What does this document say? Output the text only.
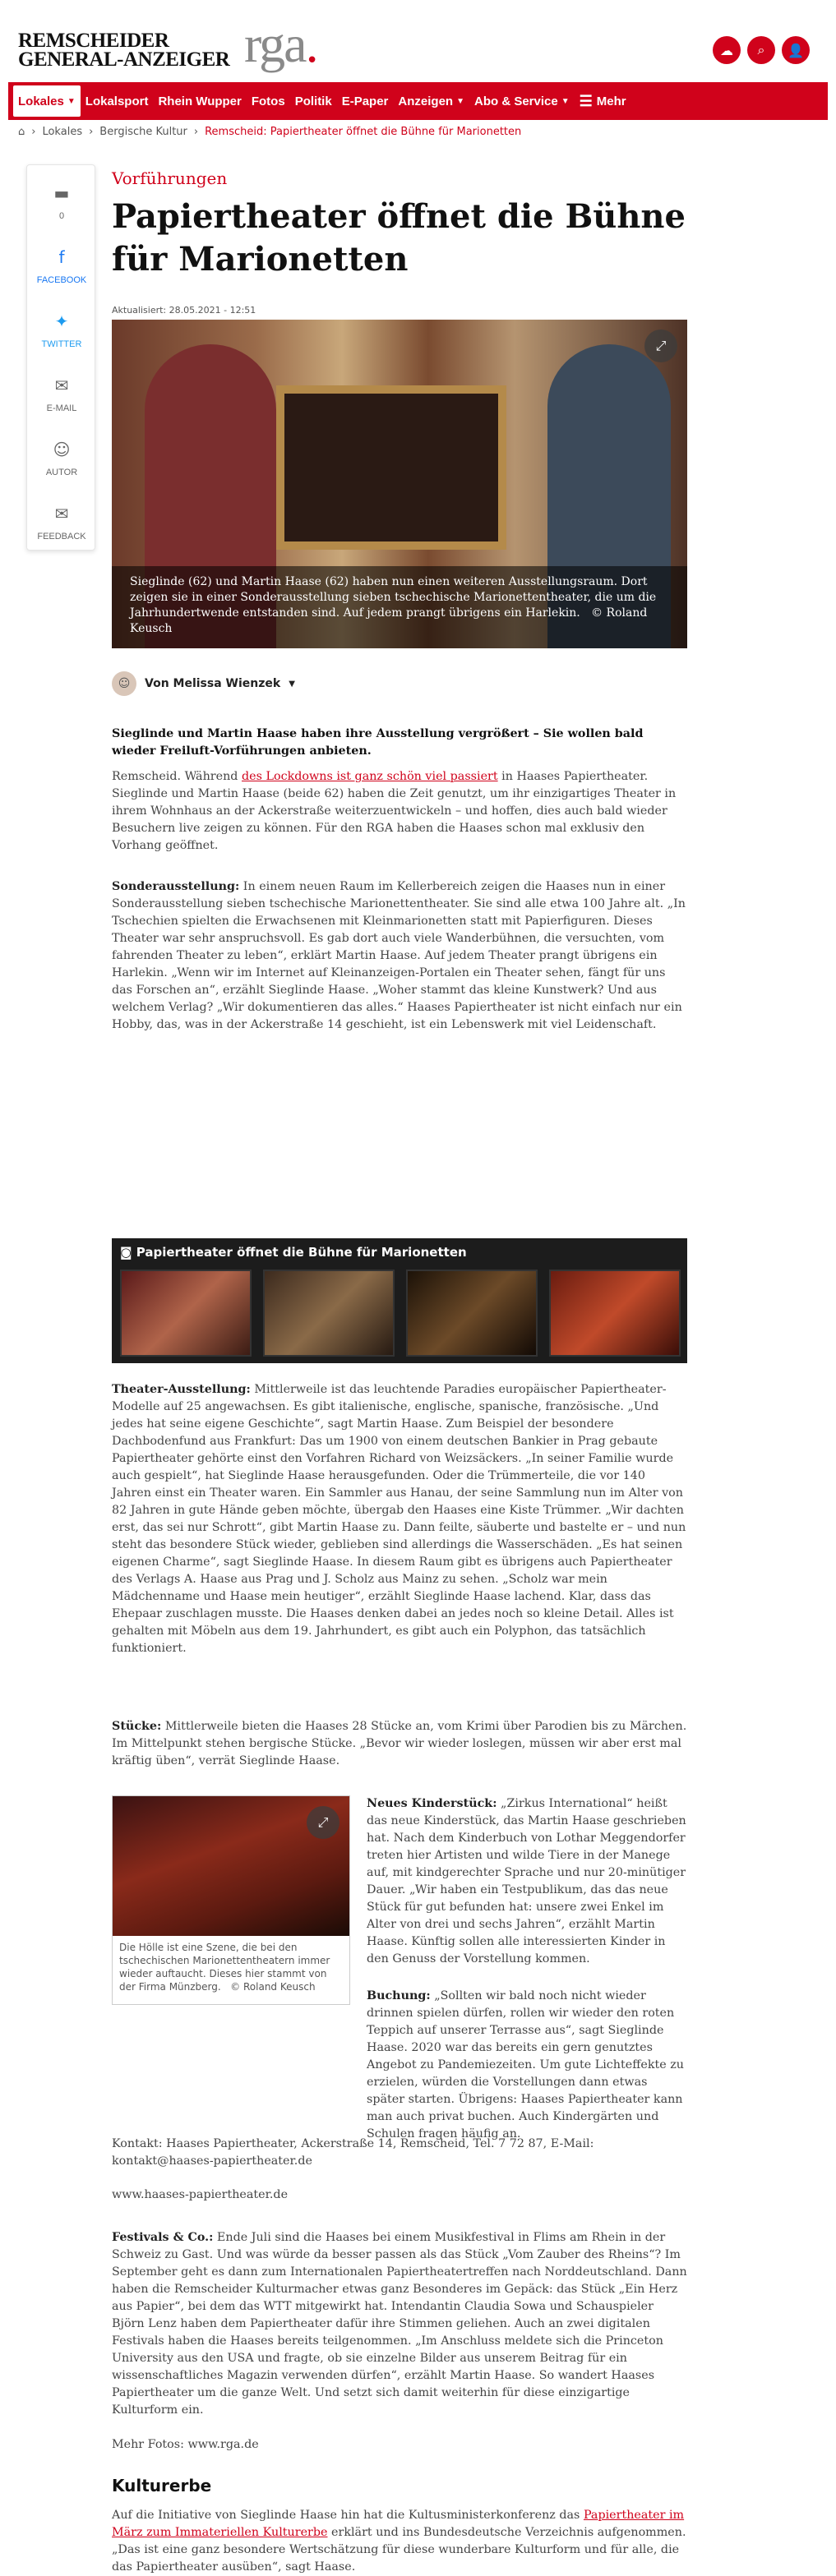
REMSCHEIDER
GENERAL-ANZEIGER rga.	☁	⌕	👤
Lokales ▼ Lokalsport Rhein Wupper Fotos Politik E-Paper Anzeigen ▼ Abo & Service ▼ ☰ Mehr
⌂ › Lokales › Bergische Kultur › Remscheid: Papiertheater öffnet die Bühne für Marionetten
▬
0
f
FACEBOOK
✦
TWITTER
✉
E-MAIL
☺
AUTOR
✉
FEEDBACK
Vorführungen
Papiertheater öffnet die Bühne für Marionetten
Aktualisiert: 28.05.2021 - 12:51
⤢
Sieglinde (62) und Martin Haase (62) haben nun einen weiteren Ausstellungsraum. Dort zeigen sie in einer Sonderausstellung sieben tschechische Marionettentheater, die um die Jahrhundertwende entstanden sind. Auf jedem prangt übrigens ein Harlekin. © Roland Keusch
☺	Von Melissa Wienzek ▼

Sieglinde und Martin Haase haben ihre Ausstellung vergrößert – Sie wollen bald wieder Freiluft-Vorführungen anbieten.

Remscheid. Während des Lockdowns ist ganz schön viel passiert in Haases Papiertheater. Sieglinde und Martin Haase (beide 62) haben die Zeit genutzt, um ihr einzigartiges Theater in ihrem Wohnhaus an der Ackerstraße weiterzuentwickeln – und hoffen, dies auch bald wieder Besuchern live zeigen zu können. Für den RGA haben die Haases schon mal exklusiv den Vorhang geöffnet.

Sonderausstellung: In einem neuen Raum im Kellerbereich zeigen die Haases nun in einer Sonderausstellung sieben tschechische Marionettentheater. Sie sind alle etwa 100 Jahre alt. „In Tschechien spielten die Erwachsenen mit Kleinmarionetten statt mit Papierfiguren. Dieses Theater war sehr anspruchsvoll. Es gab dort auch viele Wanderbühnen, die versuchten, vom fahrenden Theater zu leben“, erklärt Martin Haase. Auf jedem Theater prangt übrigens ein Harlekin. „Wenn wir im Internet auf Kleinanzeigen-Portalen ein Theater sehen, fängt für uns das Forschen an“, erzählt Sieglinde Haase. „Woher stammt das kleine Kunstwerk? Und aus welchem Verlag? „Wir dokumentieren das alles.“ Haases Papiertheater ist nicht einfach nur ein Hobby, das, was in der Ackerstraße 14 geschieht, ist ein Lebenswerk mit viel Leidenschaft.

◙ Papiertheater öffnet die Bühne für Marionetten

Theater-Ausstellung: Mittlerweile ist das leuchtende Paradies europäischer Papiertheater-Modelle auf 25 angewachsen. Es gibt italienische, englische, spanische, französische. „Und jedes hat seine eigene Geschichte“, sagt Martin Haase. Zum Beispiel der besondere Dachbodenfund aus Frankfurt: Das um 1900 von einem deutschen Bankier in Prag gebaute Papiertheater gehörte einst den Vorfahren Richard von Weizsäckers. „In seiner Familie wurde auch gespielt“, hat Sieglinde Haase herausgefunden. Oder die Trümmerteile, die vor 140 Jahren einst ein Theater waren. Ein Sammler aus Hanau, der seine Sammlung nun im Alter von 82 Jahren in gute Hände geben möchte, übergab den Haases eine Kiste Trümmer. „Wir dachten erst, das sei nur Schrott“, gibt Martin Haase zu. Dann feilte, säuberte und bastelte er – und nun steht das besondere Stück wieder, geblieben sind allerdings die Wasserschäden. „Es hat seinen eigenen Charme“, sagt Sieglinde Haase. In diesem Raum gibt es übrigens auch Papiertheater des Verlags A. Haase aus Prag und J. Scholz aus Mainz zu sehen. „Scholz war mein Mädchenname und Haase mein heutiger“, erzählt Sieglinde Haase lachend. Klar, dass das Ehepaar zuschlagen musste. Die Haases denken dabei an jedes noch so kleine Detail. Alles ist gehalten mit Möbeln aus dem 19. Jahrhundert, es gibt auch ein Polyphon, das tatsächlich funktioniert.

Stücke: Mittlerweile bieten die Haases 28 Stücke an, vom Krimi über Parodien bis zu Märchen. Im Mittelpunkt stehen bergische Stücke. „Bevor wir wieder loslegen, müssen wir aber erst mal kräftig üben“, verrät Sieglinde Haase.

⤢
Die Hölle ist eine Szene, die bei den tschechischen Marionettentheatern immer wieder auftaucht. Dieses hier stammt von der Firma Münzberg. © Roland Keusch

Neues Kinderstück: „Zirkus International“ heißt das neue Kinderstück, das Martin Haase geschrieben hat. Nach dem Kinderbuch von Lothar Meggendorfer treten hier Artisten und wilde Tiere in der Manege auf, mit kindgerechter Sprache und nur 20-minütiger Dauer. „Wir haben ein Testpublikum, das das neue Stück für gut befunden hat: unsere zwei Enkel im Alter von drei und sechs Jahren“, erzählt Martin Haase. Künftig sollen alle interessierten Kinder in den Genuss der Vorstellung kommen.

Buchung: „Sollten wir bald noch nicht wieder drinnen spielen dürfen, rollen wir wieder den roten Teppich auf unserer Terrasse aus“, sagt Sieglinde Haase. 2020 war das bereits ein gern genutztes Angebot zu Pandemiezeiten. Um gute Lichteffekte zu erzielen, würden die Vorstellungen dann etwas später starten. Übrigens: Haases Papiertheater kann man auch privat buchen. Auch Kindergärten und Schulen fragen häufig an.

Kontakt: Haases Papiertheater, Ackerstraße 14, Remscheid, Tel. 7 72 87, E-Mail: kontakt@haases-papiertheater.de

www.haases-papiertheater.de

Festivals & Co.: Ende Juli sind die Haases bei einem Musikfestival in Flims am Rhein in der Schweiz zu Gast. Und was würde da besser passen als das Stück „Vom Zauber des Rheins“? Im September geht es dann zum Internationalen Papiertheatertreffen nach Norddeutschland. Dann haben die Remscheider Kulturmacher etwas ganz Besonderes im Gepäck: das Stück „Ein Herz aus Papier“, bei dem das WTT mitgewirkt hat. Intendantin Claudia Sowa und Schauspieler Björn Lenz haben dem Papiertheater dafür ihre Stimmen geliehen. Auch an zwei digitalen Festivals haben die Haases bereits teilgenommen. „Im Anschluss meldete sich die Princeton University aus den USA und fragte, ob sie einzelne Bilder aus unserem Beitrag für ein wissenschaftliches Magazin verwenden dürfen“, erzählt Martin Haase. So wandert Haases Papiertheater um die ganze Welt. Und setzt sich damit weiterhin für diese einzigartige Kulturform ein.

Mehr Fotos: www.rga.de

Kulturerbe

Auf die Initiative von Sieglinde Haase hin hat die Kultusministerkonferenz das Papiertheater im März zum Immateriellen Kulturerbe erklärt und ins Bundesdeutsche Verzeichnis aufgenommen. „Das ist eine ganz besondere Wertschätzung für diese wunderbare Kulturform und für alle, die das Papiertheater ausüben“, sagt Haase.
